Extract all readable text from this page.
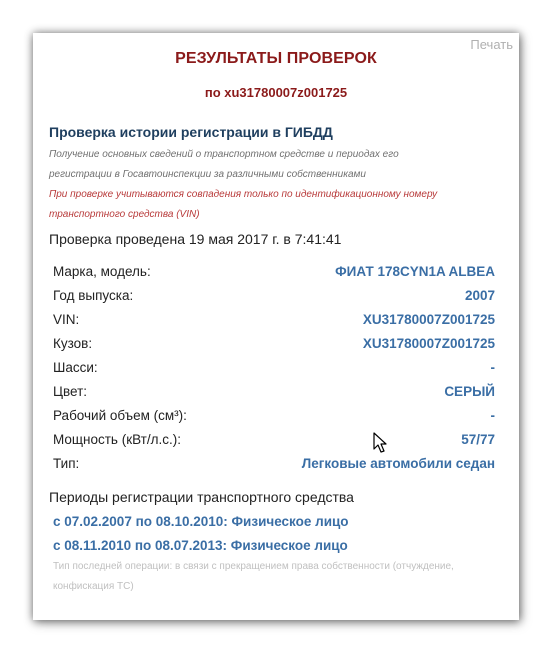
Печать
РЕЗУЛЬТАТЫ ПРОВЕРОК
по xu31780007z001725
Проверка истории регистрации в ГИБДД
Получение основных сведений о транспортном средстве и периодах его
регистрации в Госавтоинспекции за различными собственниками
При проверке учитываются совпадения только по идентификационному номеру
транспортного средства (VIN)
Проверка проведена 19 мая 2017 г. в 7:41:41
Марка, модель:	ФИАТ 178CYN1A ALBEA
Год выпуска:	2007
VIN:	XU31780007Z001725
Кузов:	XU31780007Z001725
Шасси:	-
Цвет:	СЕРЫЙ
Рабочий объем (см³):	-
Мощность (кВт/л.с.):	57/77
Тип:	Легковые автомобили седан
Периоды регистрации транспортного средства
с 07.02.2007 по 08.10.2010: Физическое лицо
с 08.11.2010 по 08.07.2013: Физическое лицо
Тип последней операции: в связи с прекращением права собственности (отчуждение,
конфискация ТС)
